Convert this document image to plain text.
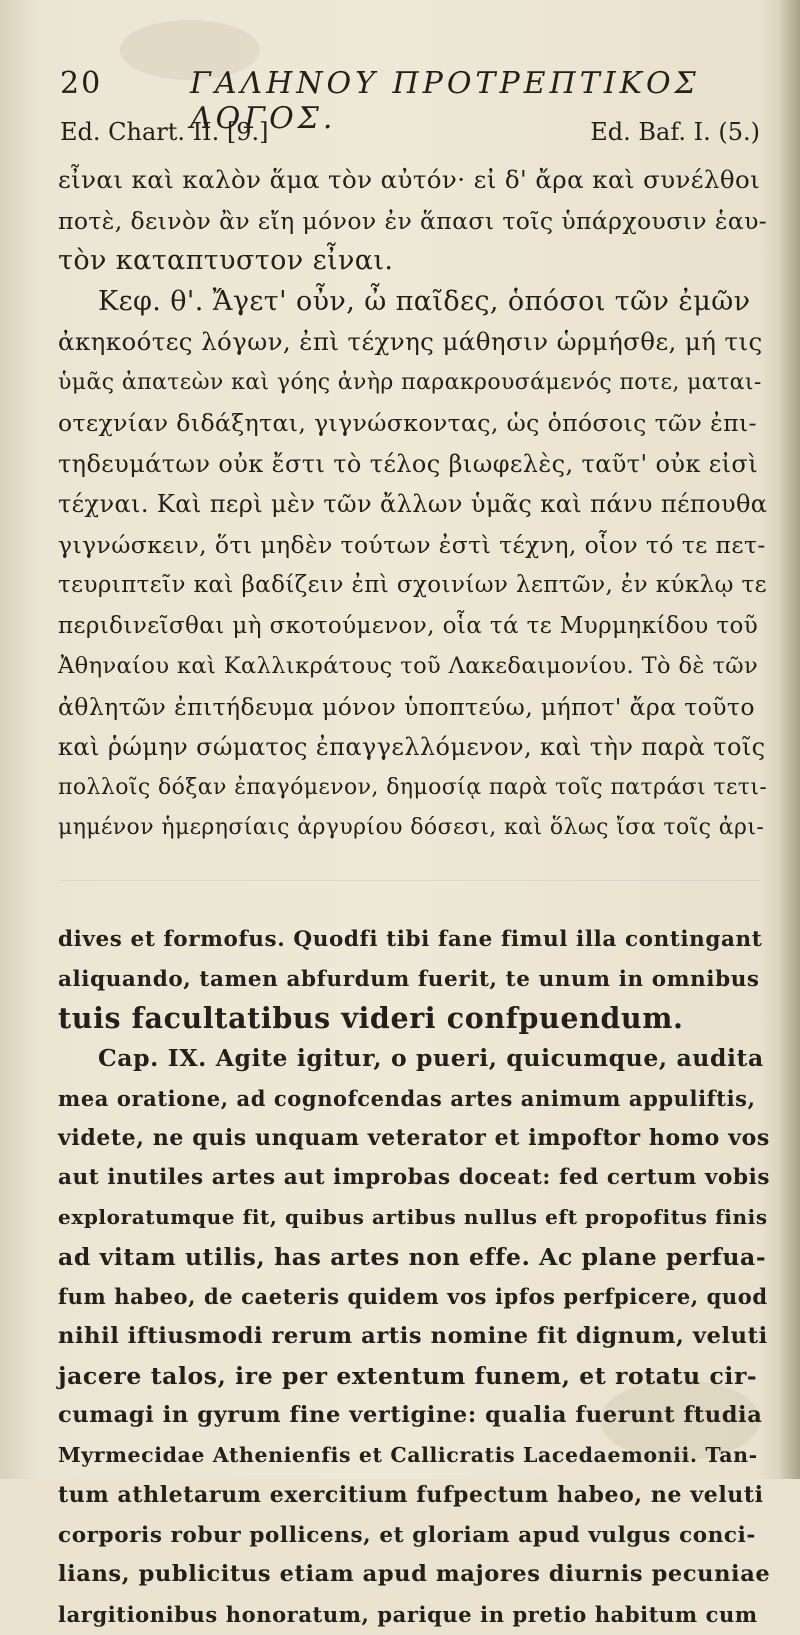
20	ΓΑΛΗΝΟΥ ΠΡΟΤΡΕΠΤΙΚΟΣ ΛΟΓΟΣ.
Ed. Chart. II. [9.]	Ed. Baf. I. (5.)

εἶναι καὶ καλὸν ἅμα τὸν αὐτόν· εἰ δ' ἄρα καὶ συνέλθοι

ποτὲ, δεινὸν ἂν εἴη μόνον ἐν ἅπασι τοῖς ὑπάρχουσιν ἑαυ-

τὸν καταπτυστον εἶναι.

Κεφ. θ'. Ἄγετ' οὖν, ὦ παῖδες, ὁπόσοι τῶν ἐμῶν

ἀκηκοότες λόγων, ἐπὶ τέχνης μάθησιν ὡρμήσθε, μή τις

ὑμᾶς ἀπατεὼν καὶ γόης ἀνὴρ παρακρουσάμενός ποτε, μαται-

οτεχνίαν διδάξηται, γιγνώσκοντας, ὡς ὁπόσοις τῶν ἐπι-

τηδευμάτων οὐκ ἔστι τὸ τέλος βιωφελὲς, ταῦτ' οὐκ εἰσὶ

τέχναι. Καὶ περὶ μὲν τῶν ἄλλων ὑμᾶς καὶ πάνυ πέπουθα

γιγνώσκειν, ὅτι μηδὲν τούτων ἐστὶ τέχνη, οἷον τό τε πετ-

τευριπτεῖν καὶ βαδίζειν ἐπὶ σχοινίων λεπτῶν, ἐν κύκλῳ τε

περιδινεῖσθαι μὴ σκοτούμενον, οἷα τά τε Μυρμηκίδου τοῦ

Ἀθηναίου καὶ Καλλικράτους τοῦ Λακεδαιμονίου. Τὸ δὲ τῶν

ἀθλητῶν ἐπιτήδευμα μόνον ὑποπτεύω, μήποτ' ἄρα τοῦτο

καὶ ῥώμην σώματος ἐπαγγελλόμενον, καὶ τὴν παρὰ τοῖς

πολλοῖς δόξαν ἐπαγόμενον, δημοσίᾳ παρὰ τοῖς πατράσι τετι-

μημένον ἡμερησίαις ἀργυρίου δόσεσι, καὶ ὅλως ἴσα τοῖς ἀρι-

dives et formofus. Quodfi tibi fane fimul illa contingant

aliquando, tamen abfurdum fuerit, te unum in omnibus

tuis facultatibus videri confpuendum.

Cap. IX. Agite igitur, o pueri, quicumque, audita

mea oratione, ad cognofcendas artes animum appuliftis,

videte, ne quis unquam veterator et impoftor homo vos

aut inutiles artes aut improbas doceat: fed certum vobis

exploratumque fit, quibus artibus nullus eft propofitus finis

ad vitam utilis, has artes non effe. Ac plane perfua-

fum habeo, de caeteris quidem vos ipfos perfpicere, quod

nihil iftiusmodi rerum artis nomine fit dignum, veluti

jacere talos, ire per extentum funem, et rotatu cir-

cumagi in gyrum fine vertigine: qualia fuerunt ftudia

Myrmecidae Athenienfis et Callicratis Lacedaemonii. Tan-

tum athletarum exercitium fufpectum habeo, ne veluti

corporis robur pollicens, et gloriam apud vulgus conci-

lians, publicitus etiam apud majores diurnis pecuniae

largitionibus honoratum, parique in pretio habitum cum
